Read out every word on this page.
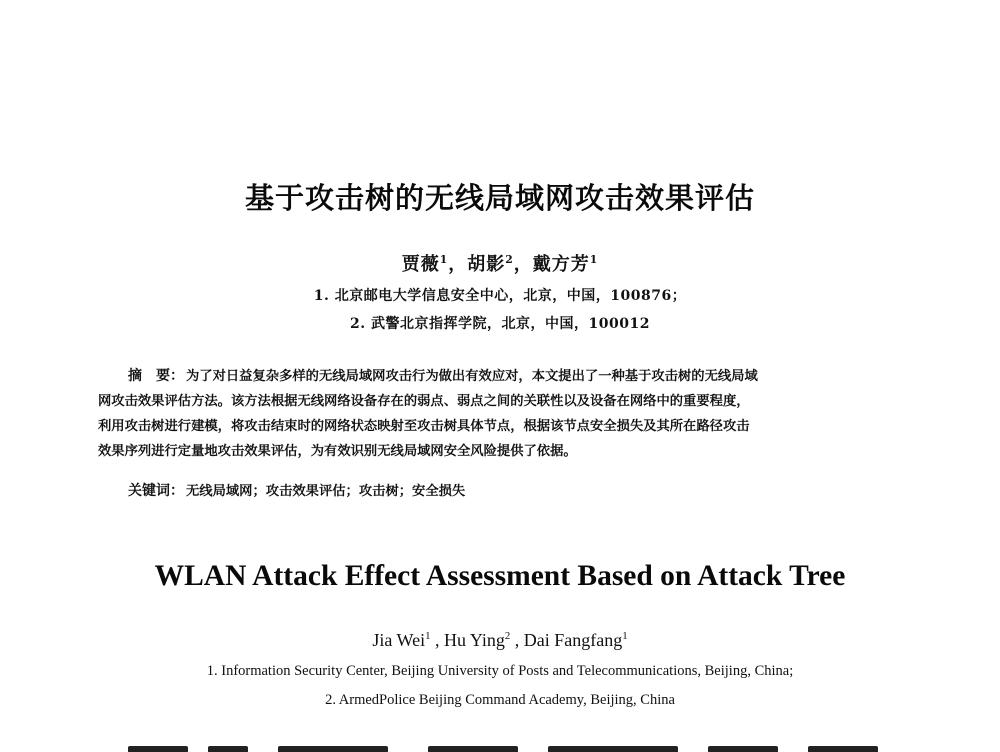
基于攻击树的无线局域网攻击效果评估
贾薇$^1$，胡影$^2$，戴方芳$^1$
1. 北京邮电大学信息安全中心，北京，中国，100876；
2. 武警北京指挥学院，北京，中国，100012
摘　要： 为了对日益复杂多样的无线局域网攻击行为做出有效应对，本文提出了一种基于攻击树的无线局域
网攻击效果评估方法。该方法根据无线网络设备存在的弱点、弱点之间的关联性以及设备在网络中的重要程度，
利用攻击树进行建模，将攻击结束时的网络状态映射至攻击树具体节点，根据该节点安全损失及其所在路径攻击
效果序列进行定量地攻击效果评估，为有效识别无线局域网安全风险提供了依据。
关键词： 无线局域网；攻击效果评估；攻击树；安全损失
WLAN Attack Effect Assessment Based on Attack Tree
Jia Wei$^1$ , Hu Ying$^2$ , Dai Fangfang$^1$
1. Information Security Center, Beijing University of Posts and Telecommunications, Beijing, China;
2. ArmedPolice Beijing Command Academy, Beijing, China
